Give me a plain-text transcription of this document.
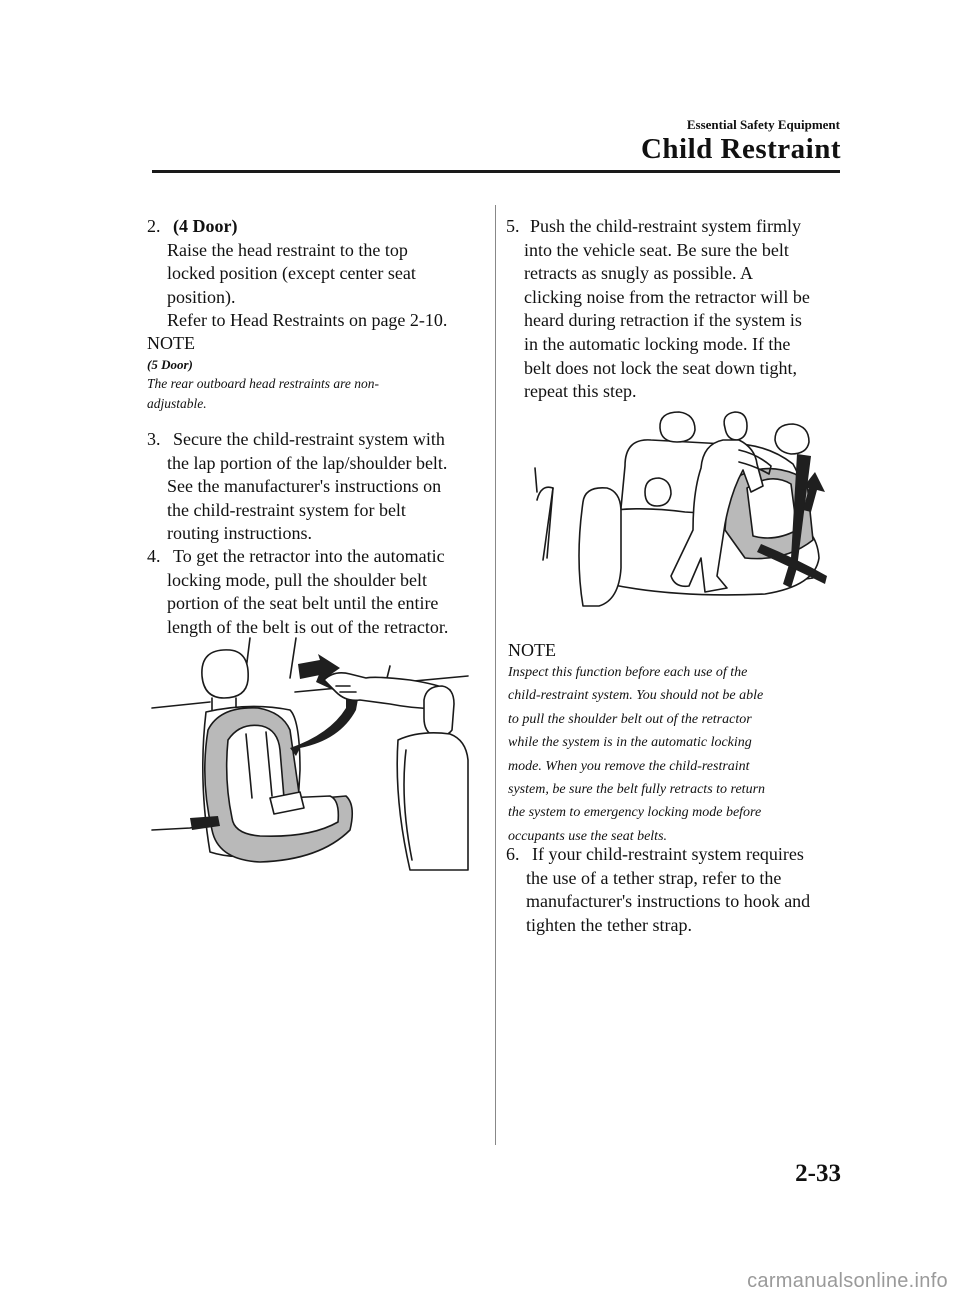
Essential Safety Equipment
Child Restraint
2. (4 Door)
Raise the head restraint to the top
locked position (except center seat
position).
Refer to Head Restraints on page 2-10.
NOTE
(5 Door)
The rear outboard head restraints are non-
adjustable.
3. Secure the child-restraint system with
the lap portion of the lap/shoulder belt.
See the manufacturer's instructions on
the child-restraint system for belt
routing instructions.
4. To get the retractor into the automatic
locking mode, pull the shoulder belt
portion of the seat belt until the entire
length of the belt is out of the retractor.
5. Push the child-restraint system firmly
into the vehicle seat. Be sure the belt
retracts as snugly as possible. A
clicking noise from the retractor will be
heard during retraction if the system is
in the automatic locking mode. If the
belt does not lock the seat down tight,
repeat this step.
NOTE
Inspect this function before each use of the
child-restraint system. You should not be able
to pull the shoulder belt out of the retractor
while the system is in the automatic locking
mode. When you remove the child-restraint
system, be sure the belt fully retracts to return
the system to emergency locking mode before
occupants use the seat belts.
6. If your child-restraint system requires
the use of a tether strap, refer to the
manufacturer's instructions to hook and
tighten the tether strap.
2-33
carmanualsonline.info
